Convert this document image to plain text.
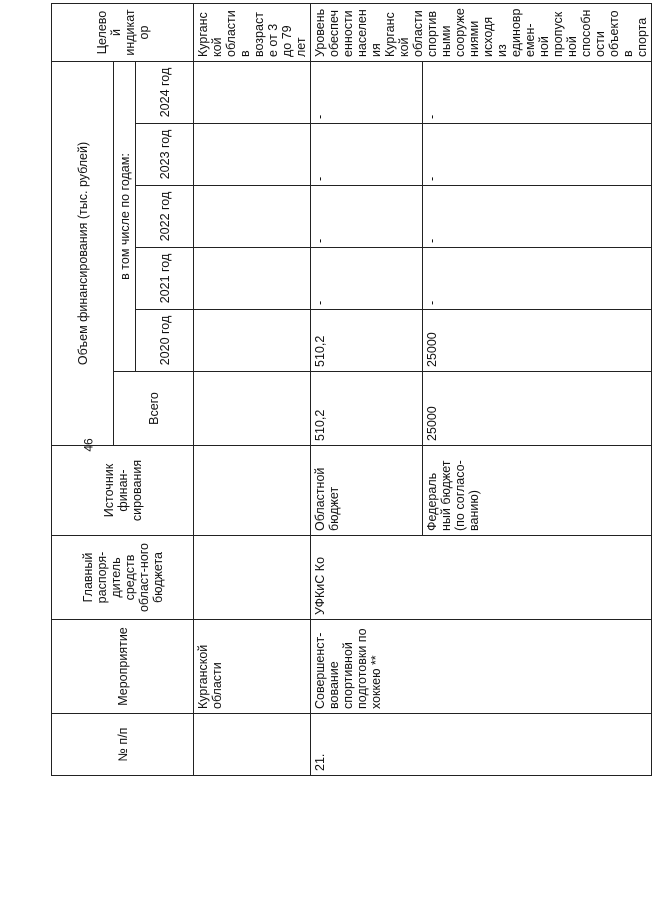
46
№ п/п	Мероприятие	Главный распоря-дитель средств област-ного бюджета	Источник финан-сирования	Объем финансирования (тыс. рублей)						Целевой индикатор
				Всего	в том числе по годам:					
					2020 год	2021 год	2022 год	2023 год	2024 год	
	Курганской области									Курганской области в возрасте от 3 до 79 лет
21.	Совершенст-вование спортивной подготовки по хоккею **	УФКиС Ко	Областной бюджет	510,2	510,2	-	-	-	-	Уровень обеспеченности населения Курганской области спортивными сооружениями исходя из единовремен-ной пропускной способности объектов спорта
			Федераль ный бюджет (по согласо-ванию)	25000	25000	-	-	-	-	
